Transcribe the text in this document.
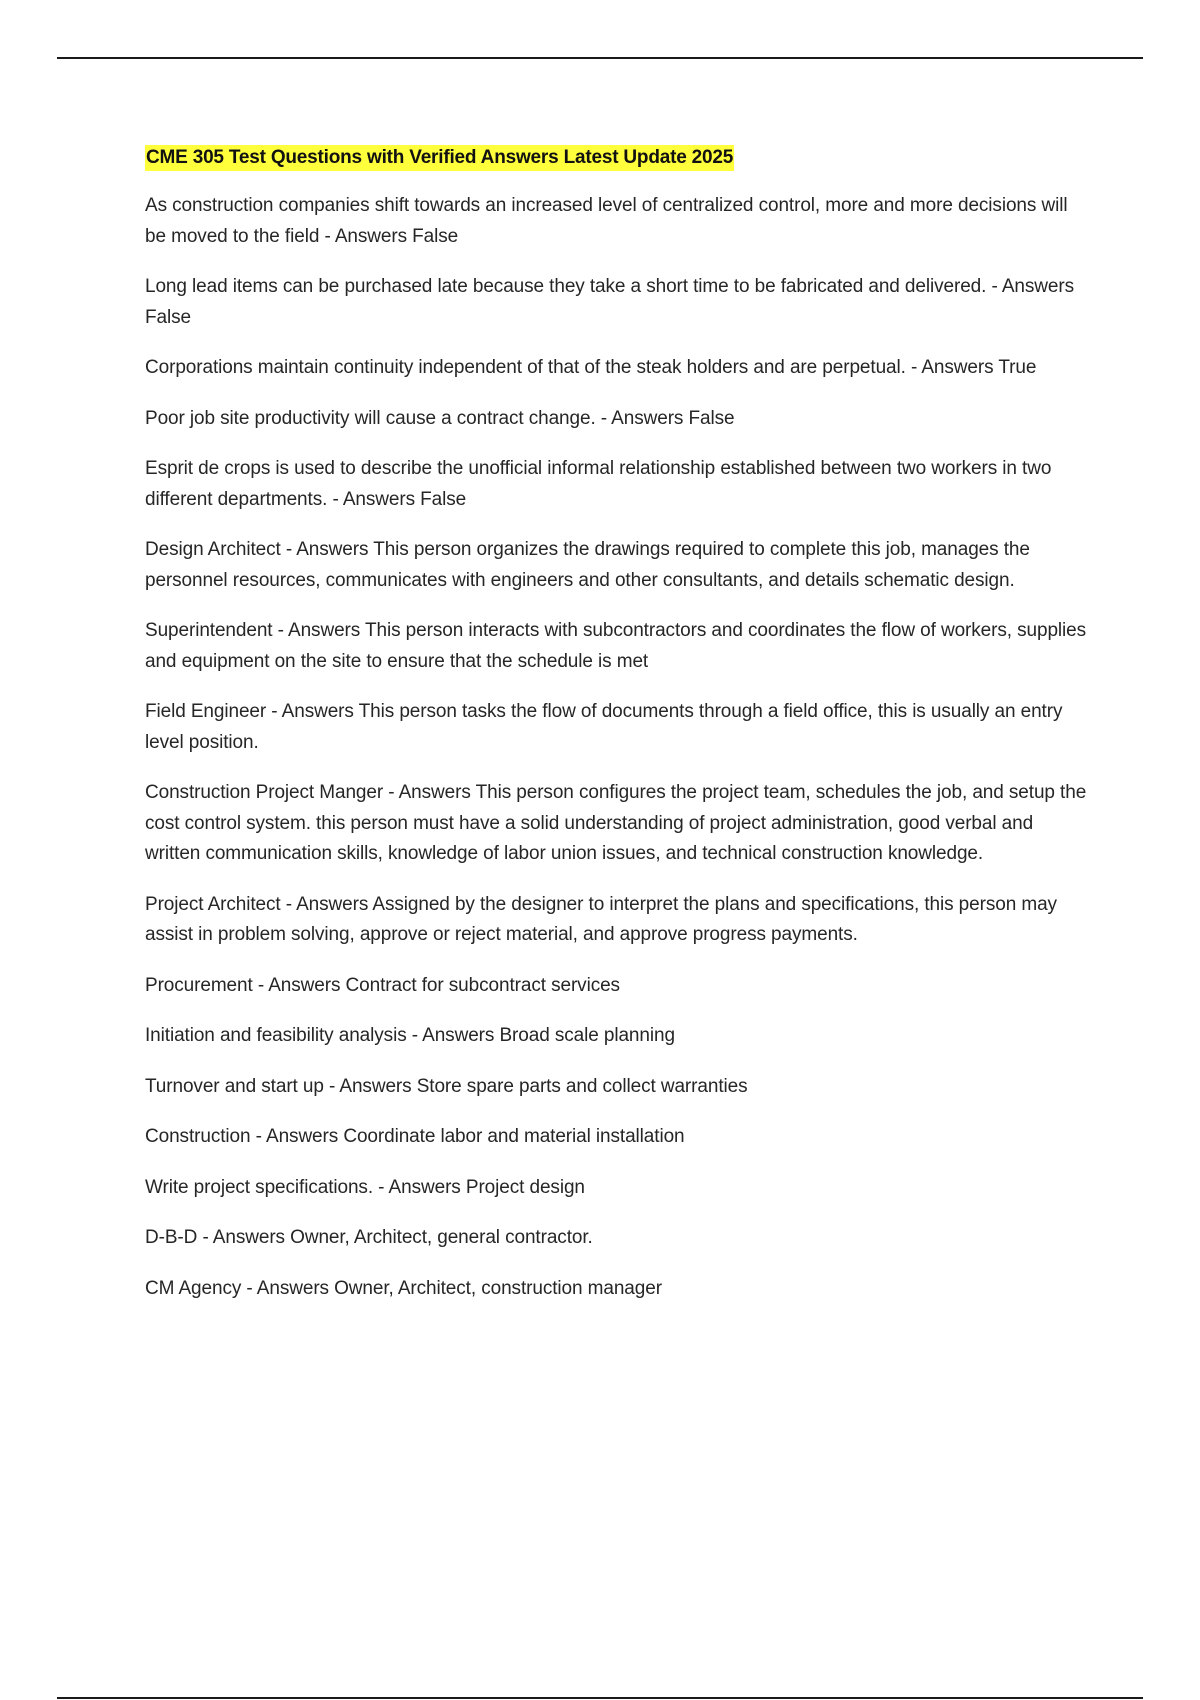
CME 305 Test Questions with Verified Answers Latest Update 2025

As construction companies shift towards an increased level of centralized control, more and more decisions will be moved to the field - Answers False

Long lead items can be purchased late because they take a short time to be fabricated and delivered. - Answers False

Corporations maintain continuity independent of that of the steak holders and are perpetual. - Answers True

Poor job site productivity will cause a contract change. - Answers False

Esprit de crops is used to describe the unofficial informal relationship established between two workers in two different departments. - Answers False

Design Architect - Answers This person organizes the drawings required to complete this job, manages the personnel resources, communicates with engineers and other consultants, and details schematic design.

Superintendent - Answers This person interacts with subcontractors and coordinates the flow of workers, supplies and equipment on the site to ensure that the schedule is met

Field Engineer - Answers This person tasks the flow of documents through a field office, this is usually an entry level position.

Construction Project Manger - Answers This person configures the project team, schedules the job, and setup the cost control system. this person must have a solid understanding of project administration, good verbal and written communication skills, knowledge of labor union issues, and technical construction knowledge.

Project Architect - Answers Assigned by the designer to interpret the plans and specifications, this person may assist in problem solving, approve or reject material, and approve progress payments.

Procurement - Answers Contract for subcontract services

Initiation and feasibility analysis - Answers Broad scale planning

Turnover and start up - Answers Store spare parts and collect warranties

Construction - Answers Coordinate labor and material installation

Write project specifications. - Answers Project design

D-B-D - Answers Owner, Architect, general contractor.

CM Agency - Answers Owner, Architect, construction manager
